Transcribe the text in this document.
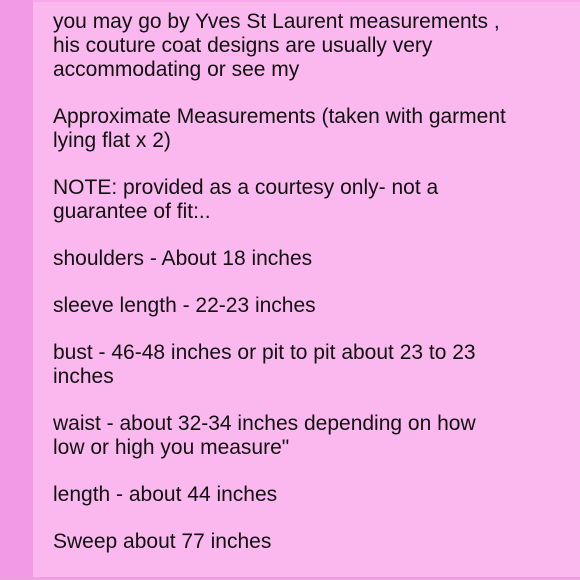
you may go by Yves St Laurent measurements ,
his couture coat designs are usually very
accommodating or see my

Approximate Measurements (taken with garment
lying flat x 2)

NOTE: provided as a courtesy only- not a
guarantee of fit:..

shoulders - About 18 inches

sleeve length - 22-23 inches

bust - 46-48 inches or pit to pit about 23 to 23
inches

waist - about 32-34 inches depending on how
low or high you measure"

length - about 44 inches

Sweep about 77 inches
